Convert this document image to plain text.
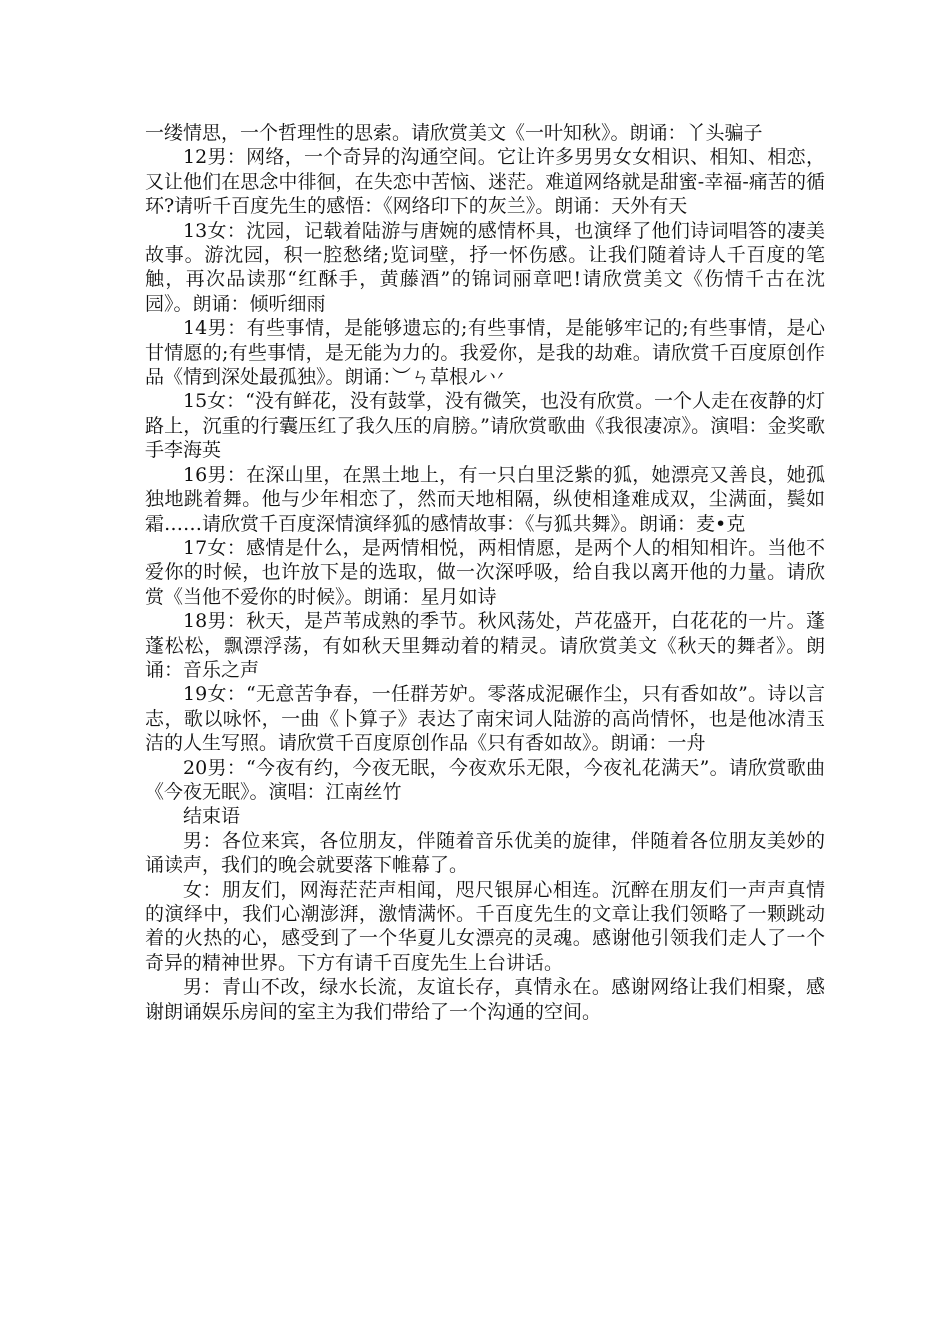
一缕情思，一个哲理性的思索。请欣赏美文《一叶知秋》。朗诵：丫头骗子

12男：网络，一个奇异的沟通空间。它让许多男男女女相识、相知、相恋，又让他们在思念中徘徊，在失恋中苦恼、迷茫。难道网络就是甜蜜-幸福-痛苦的循环?请听千百度先生的感悟：《网络印下的灰兰》。朗诵：天外有天

13女：沈园，记载着陆游与唐婉的感情杯具，也演绎了他们诗词唱答的凄美故事。游沈园，积一腔愁绪;览词壁，抒一怀伤感。让我们随着诗人千百度的笔触，再次品读那“红酥手，黄藤酒”的锦词丽章吧!请欣赏美文《伤情千古在沈园》。朗诵：倾听细雨

14男：有些事情，是能够遗忘的;有些事情，是能够牢记的;有些事情，是心甘情愿的;有些事情，是无能为力的。我爱你，是我的劫难。请欣赏千百度原创作品《情到深处最孤独》。朗诵：︶ㄣ草根ル丷

15女：“没有鲜花，没有鼓掌，没有微笑，也没有欣赏。一个人走在夜静的灯路上，沉重的行囊压红了我久压的肩膀。”请欣赏歌曲《我很凄凉》。演唱：金奖歌手李海英

16男：在深山里，在黑土地上，有一只白里泛紫的狐，她漂亮又善良，她孤独地跳着舞。他与少年相恋了，然而天地相隔，纵使相逢难成双，尘满面，鬓如霜……请欣赏千百度深情演绎狐的感情故事：《与狐共舞》。朗诵：麦•克

17女：感情是什么，是两情相悦，两相情愿，是两个人的相知相许。当他不爱你的时候，也许放下是的选取，做一次深呼吸，给自我以离开他的力量。请欣赏《当他不爱你的时候》。朗诵：星月如诗

18男：秋天，是芦苇成熟的季节。秋风荡处，芦花盛开，白花花的一片。蓬蓬松松，飘漂浮荡，有如秋天里舞动着的精灵。请欣赏美文《秋天的舞者》。朗诵：音乐之声

19女：“无意苦争春，一任群芳妒。零落成泥碾作尘，只有香如故”。诗以言志，歌以咏怀，一曲《卜算子》表达了南宋词人陆游的高尚情怀，也是他冰清玉洁的人生写照。请欣赏千百度原创作品《只有香如故》。朗诵：一舟

20男：“今夜有约，今夜无眠，今夜欢乐无限，今夜礼花满天”。请欣赏歌曲《今夜无眠》。演唱：江南丝竹

结束语

男：各位来宾，各位朋友，伴随着音乐优美的旋律，伴随着各位朋友美妙的诵读声，我们的晚会就要落下帷幕了。

女：朋友们，网海茫茫声相闻，咫尺银屏心相连。沉醉在朋友们一声声真情的演绎中，我们心潮澎湃，激情满怀。千百度先生的文章让我们领略了一颗跳动着的火热的心，感受到了一个华夏儿女漂亮的灵魂。感谢他引领我们走人了一个奇异的精神世界。下方有请千百度先生上台讲话。

男：青山不改，绿水长流，友谊长存，真情永在。感谢网络让我们相聚，感谢朗诵娱乐房间的室主为我们带给了一个沟通的空间。
